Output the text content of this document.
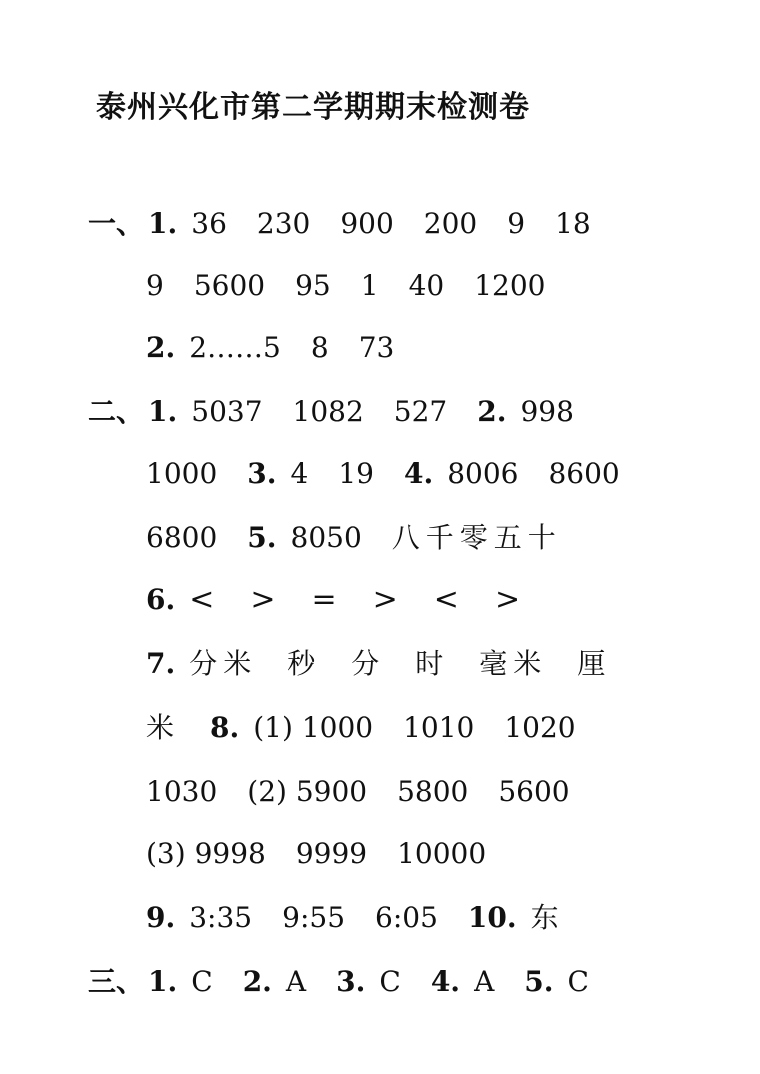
泰州兴化市第二学期期末检测卷
一、 1. 36 230 900 200 9 18
9 5600 95 1 40 1200
2. 2……5 8 73
二、 1. 5037 1082 527 2. 998
1000 3. 4 19 4. 8006 8600
6800 5. 8050 八千零五十
6. < > = > < >
7. 分米 秒 分 时 毫米 厘
米 8. (1) 1000 1010 1020
1030 (2) 5900 5800 5600
(3) 9998 9999 10000
9. 3:35 9:55 6:05 10. 东
三、 1. C 2. A 3. C 4. A 5. C
